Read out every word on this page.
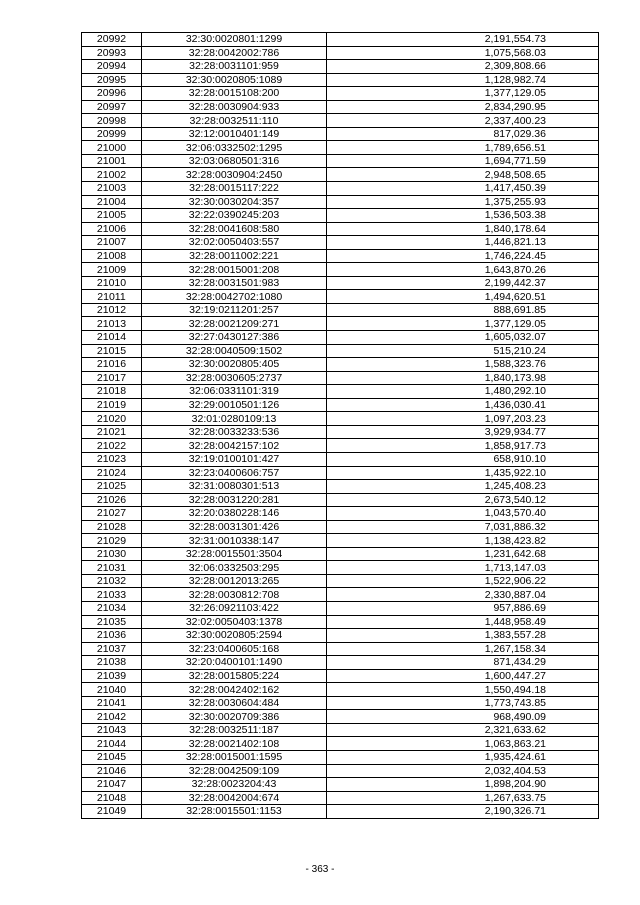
20992	32:30:0020801:1299	2,191,554.73
20993	32:28:0042002:786	1,075,568.03
20994	32:28:0031101:959	2,309,808.66
20995	32:30:0020805:1089	1,128,982.74
20996	32:28:0015108:200	1,377,129.05
20997	32:28:0030904:933	2,834,290.95
20998	32:28:0032511:110	2,337,400.23
20999	32:12:0010401:149	817,029.36
21000	32:06:0332502:1295	1,789,656.51
21001	32:03:0680501:316	1,694,771.59
21002	32:28:0030904:2450	2,948,508.65
21003	32:28:0015117:222	1,417,450.39
21004	32:30:0030204:357	1,375,255.93
21005	32:22:0390245:203	1,536,503.38
21006	32:28:0041608:580	1,840,178.64
21007	32:02:0050403:557	1,446,821.13
21008	32:28:0011002:221	1,746,224.45
21009	32:28:0015001:208	1,643,870.26
21010	32:28:0031501:983	2,199,442.37
21011	32:28:0042702:1080	1,494,620.51
21012	32:19:0211201:257	888,691.85
21013	32:28:0021209:271	1,377,129.05
21014	32:27:0430127:386	1,605,032.07
21015	32:28:0040509:1502	515,210.24
21016	32:30:0020805:405	1,588,323.76
21017	32:28:0030605:2737	1,840,173.98
21018	32:06:0331101:319	1,480,292.10
21019	32:29:0010501:126	1,436,030.41
21020	32:01:0280109:13	1,097,203.23
21021	32:28:0033233:536	3,929,934.77
21022	32:28:0042157:102	1,858,917.73
21023	32:19:0100101:427	658,910.10
21024	32:23:0400606:757	1,435,922.10
21025	32:31:0080301:513	1,245,408.23
21026	32:28:0031220:281	2,673,540.12
21027	32:20:0380228:146	1,043,570.40
21028	32:28:0031301:426	7,031,886.32
21029	32:31:0010338:147	1,138,423.82
21030	32:28:0015501:3504	1,231,642.68
21031	32:06:0332503:295	1,713,147.03
21032	32:28:0012013:265	1,522,906.22
21033	32:28:0030812:708	2,330,887.04
21034	32:26:0921103:422	957,886.69
21035	32:02:0050403:1378	1,448,958.49
21036	32:30:0020805:2594	1,383,557.28
21037	32:23:0400605:168	1,267,158.34
21038	32:20:0400101:1490	871,434.29
21039	32:28:0015805:224	1,600,447.27
21040	32:28:0042402:162	1,550,494.18
21041	32:28:0030604:484	1,773,743.85
21042	32:30:0020709:386	968,490.09
21043	32:28:0032511:187	2,321,633.62
21044	32:28:0021402:108	1,063,863.21
21045	32:28:0015001:1595	1,935,424.61
21046	32:28:0042509:109	2,032,404.53
21047	32:28:0023204:43	1,898,204.90
21048	32:28:0042004:674	1,267,633.75
21049	32:28:0015501:1153	2,190,326.71
- 363 -
